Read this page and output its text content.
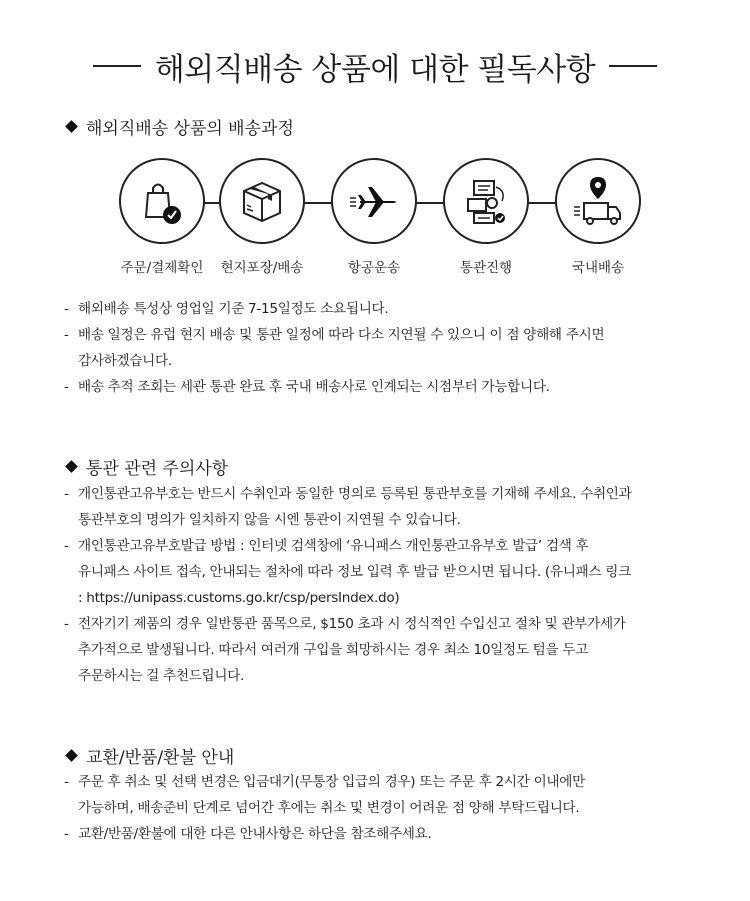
해외직배송 상품에 대한 필독사항
해외직배송 상품의 배송과정
주문/결제확인 현지포장/배송	항공운송	통관진행	국내배송
- 해외배송 특성상 영업일 기준 7-15일정도 소요됩니다.
- 배송 일정은 유럽 현지 배송 및 통관 일정에 따라 다소 지연될 수 있으니 이 점 양해해 주시면
감사하겠습니다.
- 배송 추적 조회는 세관 통관 완료 후 국내 배송사로 인계되는 시점부터 가능합니다.
통관 관련 주의사항
- 개인통관고유부호는 반드시 수취인과 동일한 명의로 등록된 통관부호를 기재해 주세요. 수취인과
통관부호의 명의가 일치하지 않을 시엔 통관이 지연될 수 있습니다.
- 개인통관고유부호발급 방법 : 인터넷 검색창에 ‘유니패스 개인통관고유부호 발급’ 검색 후
유니패스 사이트 접속, 안내되는 절차에 따라 정보 입력 후 발급 받으시면 됩니다. (유니패스 링크
: https://unipass.customs.go.kr/csp/persIndex.do)
- 전자기기 제품의 경우 일반통관 품목으로, $150 초과 시 정식적인 수입신고 절차 및 관부가세가
추가적으로 발생됩니다. 따라서 여러개 구입을 희망하시는 경우 최소 10일정도 텀을 두고
주문하시는 걸 추천드립니다.
교환/반품/환불 안내
- 주문 후 취소 및 선택 변경은 입금대기(무통장 입급의 경우) 또는 주문 후 2시간 이내에만
가능하며, 배송준비 단계로 넘어간 후에는 취소 및 변경이 어려운 점 양해 부탁드립니다.
- 교환/반품/환불에 대한 다른 안내사항은 하단을 참조해주세요.
